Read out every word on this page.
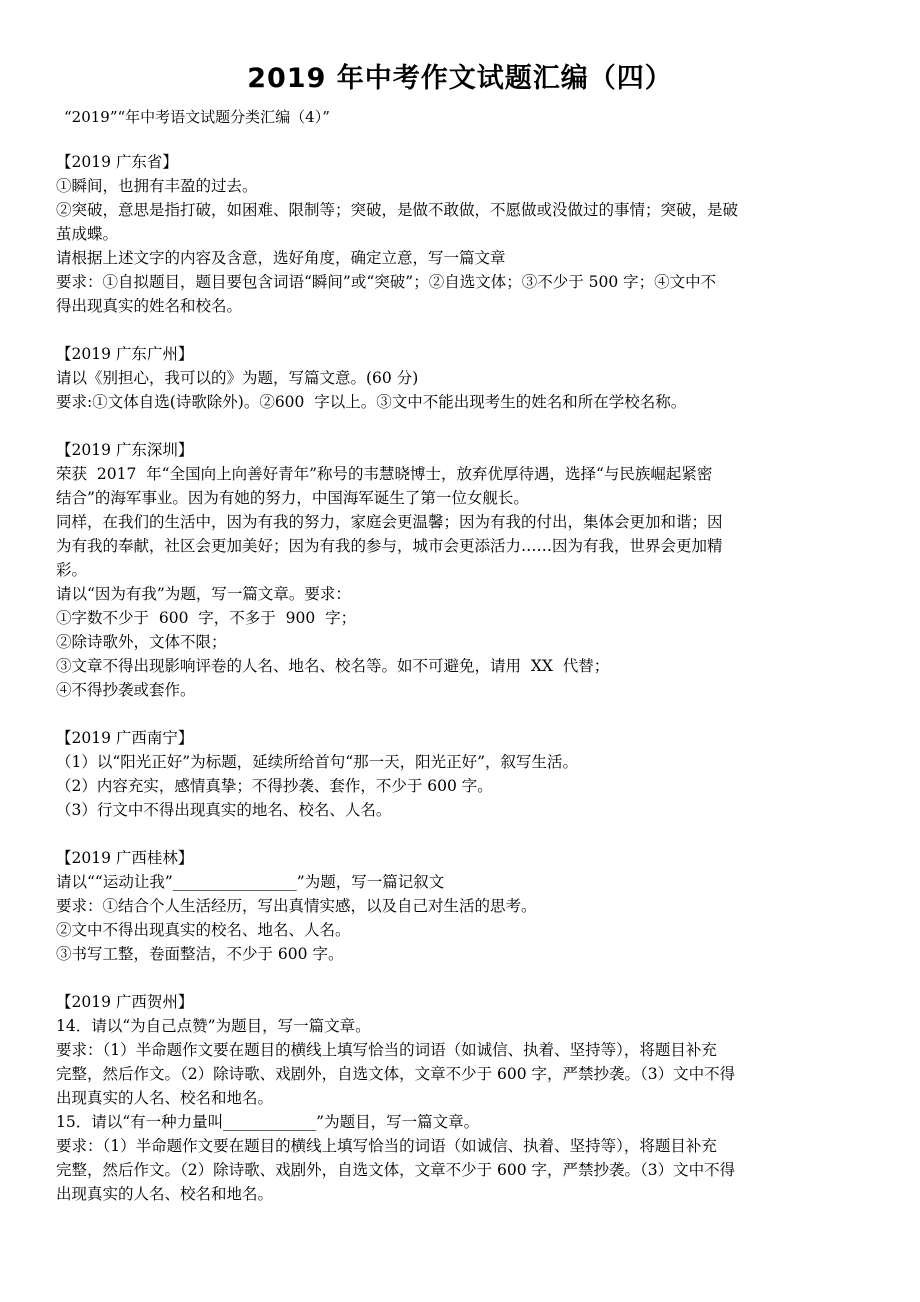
2019 年中考作文试题汇编（四）
“2019”“年中考语文试题分类汇编（4）”
【2019 广东省】
①瞬间，也拥有丰盈的过去。
②突破，意思是指打破，如困难、限制等；突破，是做不敢做，不愿做或没做过的事情；突破，是破
茧成蝶。
请根据上述文字的内容及含意，选好角度，确定立意，写一篇文章
要求：①自拟题目，题目要包含词语“瞬间”或“突破”；②自选文体；③不少于 500 字；④文中不
得出现真实的姓名和校名。
【2019 广东广州】
请以《别担心，我可以的》为题，写篇文意。(60 分)
要求:①文体自选(诗歌除外)。②600  字以上。③文中不能出现考生的姓名和所在学校名称。
【2019 广东深圳】
荣获  2017  年“全国向上向善好青年”称号的韦慧晓博士，放弃优厚待遇，选择“与民族崛起紧密
结合”的海军事业。因为有她的努力，中国海军诞生了第一位女舰长。
同样，在我们的生活中，因为有我的努力，家庭会更温馨；因为有我的付出，集体会更加和谐；因
为有我的奉献，社区会更加美好；因为有我的参与，城市会更添活力……因为有我，世界会更加精
彩。
请以“因为有我”为题，写一篇文章。要求：
①字数不少于  600  字，不多于  900  字；
②除诗歌外，文体不限；
③文章不得出现影响评卷的人名、地名、校名等。如不可避免，请用  XX  代替；
④不得抄袭或套作。
【2019 广西南宁】
（1）以“阳光正好”为标题，延续所给首句“那一天，阳光正好”，叙写生活。
（2）内容充实，感情真挚；不得抄袭、套作，不少于 600 字。
（3）行文中不得出现真实的地名、校名、人名。
【2019 广西桂林】
请以““运动让我”________________”为题，写一篇记叙文
要求：①结合个人生活经历，写出真情实感，以及自己对生活的思考。
②文中不得出现真实的校名、地名、人名。
③书写工整，卷面整洁，不少于 600 字。
【2019 广西贺州】
14．请以“为自己点赞”为题目，写一篇文章。
要求：（1）半命题作文要在题目的横线上填写恰当的词语（如诚信、执着、坚持等），将题目补充
完整，然后作文。（2）除诗歌、戏剧外，自选文体，文章不少于 600 字，严禁抄袭。（3）文中不得
出现真实的人名、校名和地名。
15．请以“有一种力量叫____________”为题目，写一篇文章。
要求：（1）半命题作文要在题目的横线上填写恰当的词语（如诚信、执着、坚持等），将题目补充
完整，然后作文。（2）除诗歌、戏剧外，自选文体，文章不少于 600 字，严禁抄袭。（3）文中不得
出现真实的人名、校名和地名。
